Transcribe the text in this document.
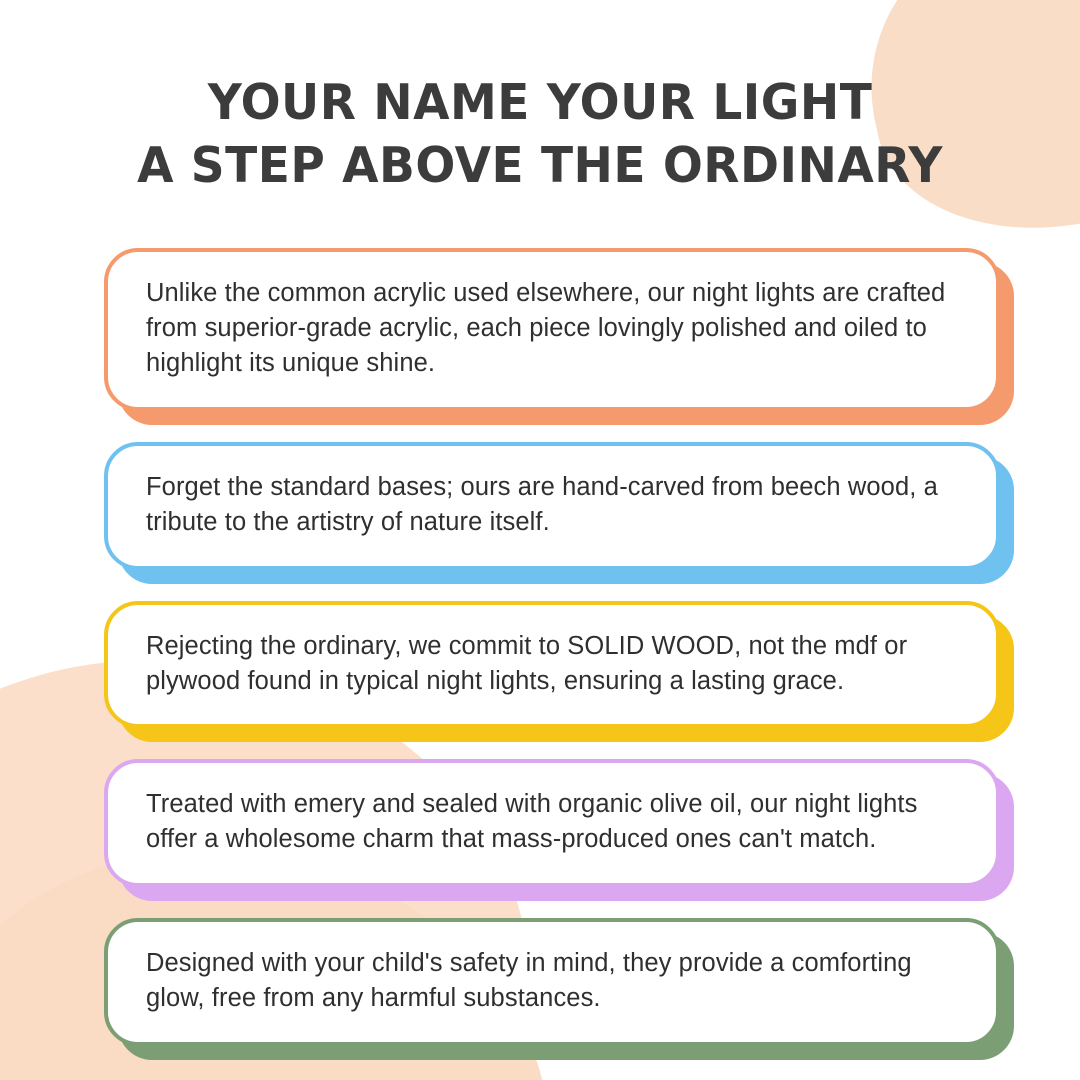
YOUR NAME YOUR LIGHT
A STEP ABOVE THE ORDINARY

Unlike the common acrylic used elsewhere, our night lights are crafted from superior-grade acrylic, each piece lovingly polished and oiled to highlight its unique shine.

Forget the standard bases; ours are hand-carved from beech wood, a tribute to the artistry of nature itself.

Rejecting the ordinary, we commit to SOLID WOOD, not the mdf or plywood found in typical night lights, ensuring a lasting grace.

Treated with emery and sealed with organic olive oil, our night lights offer a wholesome charm that mass-produced ones can't match.

Designed with your child's safety in mind, they provide a comforting glow, free from any harmful substances.
